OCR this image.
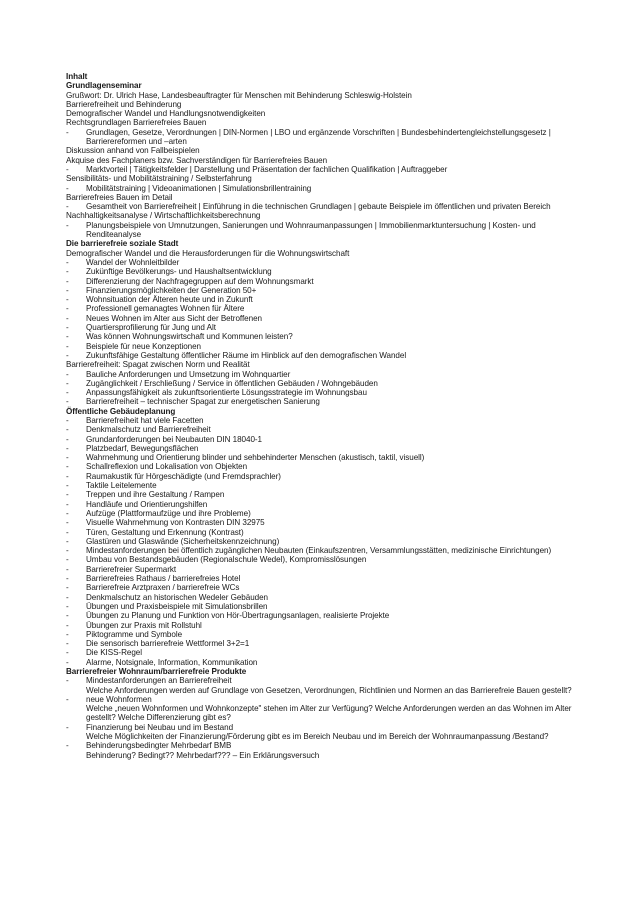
Inhalt
Grundlagenseminar
Grußwort: Dr. Ulrich Hase, Landesbeauftragter für Menschen mit Behinderung Schleswig-Holstein
Barrierefreiheit und Behinderung
Demografischer Wandel und Handlungsnotwendigkeiten
Rechtsgrundlagen Barrierefreies Bauen
-	Grundlagen, Gesetze, Verordnungen | DIN-Normen | LBO und ergänzende Vorschriften | Bundesbehindertengleichstellungsgesetz | Barrierereformen und –arten
Diskussion anhand von Fallbeispielen
Akquise des Fachplaners bzw. Sachverständigen für Barrierefreies Bauen
-	Marktvorteil | Tätigkeitsfelder | Darstellung und Präsentation der fachlichen Qualifikation | Auftraggeber
Sensibilitäts- und Mobilitätstraining / Selbsterfahrung
-	Mobilitätstraining | Videoanimationen | Simulationsbrillentraining
Barrierefreies Bauen im Detail
-	Gesamtheit von Barrierefreiheit | Einführung in die technischen Grundlagen | gebaute Beispiele im öffentlichen und privaten Bereich
Nachhaltigkeitsanalyse / Wirtschaftlichkeitsberechnung
-	Planungsbeispiele von Umnutzungen, Sanierungen und Wohnraumanpassungen | Immobilienmarktuntersuchung | Kosten- und Renditeanalyse
Die barrierefreie soziale Stadt
Demografischer Wandel und die Herausforderungen für die Wohnungswirtschaft
-	Wandel der Wohnleitbilder
-	Zukünftige Bevölkerungs- und Haushaltsentwicklung
-	Differenzierung der Nachfragegruppen auf dem Wohnungsmarkt
-	Finanzierungsmöglichkeiten der Generation 50+
-	Wohnsituation der Älteren heute und in Zukunft
-	Professionell gemanagtes Wohnen für Ältere
-	Neues Wohnen im Alter aus Sicht der Betroffenen
-	Quartiersprofilierung für Jung und Alt
-	Was können Wohnungswirtschaft und Kommunen leisten?
-	Beispiele für neue Konzeptionen
-	Zukunftsfähige Gestaltung öffentlicher Räume im Hinblick auf den demografischen Wandel
Barrierefreiheit: Spagat zwischen Norm und Realität
-	Bauliche Anforderungen und Umsetzung im Wohnquartier
-	Zugänglichkeit / Erschließung / Service in öffentlichen Gebäuden / Wohngebäuden
-	Anpassungsfähigkeit als zukunftsorientierte Lösungsstrategie im Wohnungsbau
-	Barrierefreiheit – technischer Spagat zur energetischen Sanierung
Öffentliche Gebäudeplanung
-	Barrierefreiheit hat viele Facetten
-	Denkmalschutz und Barrierefreiheit
-	Grundanforderungen bei Neubauten DIN 18040-1
-	Platzbedarf, Bewegungsflächen
-	Wahrnehmung und Orientierung blinder und sehbehinderter Menschen (akustisch, taktil, visuell)
-	Schallreflexion und Lokalisation von Objekten
-	Raumakustik für Hörgeschädigte (und Fremdsprachler)
-	Taktile Leitelemente
-	Treppen und ihre Gestaltung / Rampen
-	Handläufe und Orientierungshilfen
-	Aufzüge (Plattformaufzüge und ihre Probleme)
-	Visuelle Wahrnehmung von Kontrasten DIN 32975
-	Türen, Gestaltung und Erkennung (Kontrast)
-	Glastüren und Glaswände (Sicherheitskennzeichnung)
-	Mindestanforderungen bei öffentlich zugänglichen Neubauten (Einkaufszentren, Versammlungsstätten, medizinische Einrichtungen)
-	Umbau von Bestandsgebäuden (Regionalschule Wedel), Kompromisslösungen
-	Barrierefreier Supermarkt
-	Barrierefreies Rathaus / barrierefreies Hotel
-	Barrierefreie Arztpraxen / barrierefreie WCs
-	Denkmalschutz an historischen Wedeler Gebäuden
-	Übungen und Praxisbeispiele mit Simulationsbrillen
-	Übungen zu Planung und Funktion von Hör-Übertragungsanlagen, realisierte Projekte
-	Übungen zur Praxis mit Rollstuhl
-	Piktogramme und Symbole
-	Die sensorisch barrierefreie Wettformel 3+2=1
-	Die KISS-Regel
-	Alarme, Notsignale, Information, Kommunikation
Barrierefreier Wohnraum/barrierefreie Produkte
-	Mindestanforderungen an Barrierefreiheit
Welche Anforderungen werden auf Grundlage von Gesetzen, Verordnungen, Richtlinien und Normen an das Barrierefreie Bauen gestellt?
-	neue Wohnformen
Welche „neuen Wohnformen und Wohnkonzepte" stehen im Alter zur Verfügung? Welche Anforderungen werden an das Wohnen im Alter gestellt? Welche Differenzierung gibt es?
-	Finanzierung bei Neubau und im Bestand
Welche Möglichkeiten der Finanzierung/Förderung gibt es im Bereich Neubau und im Bereich der Wohnraumanpassung /Bestand?
-	Behinderungsbedingter Mehrbedarf BMB
Behinderung? Bedingt?? Mehrbedarf??? – Ein Erklärungsversuch
